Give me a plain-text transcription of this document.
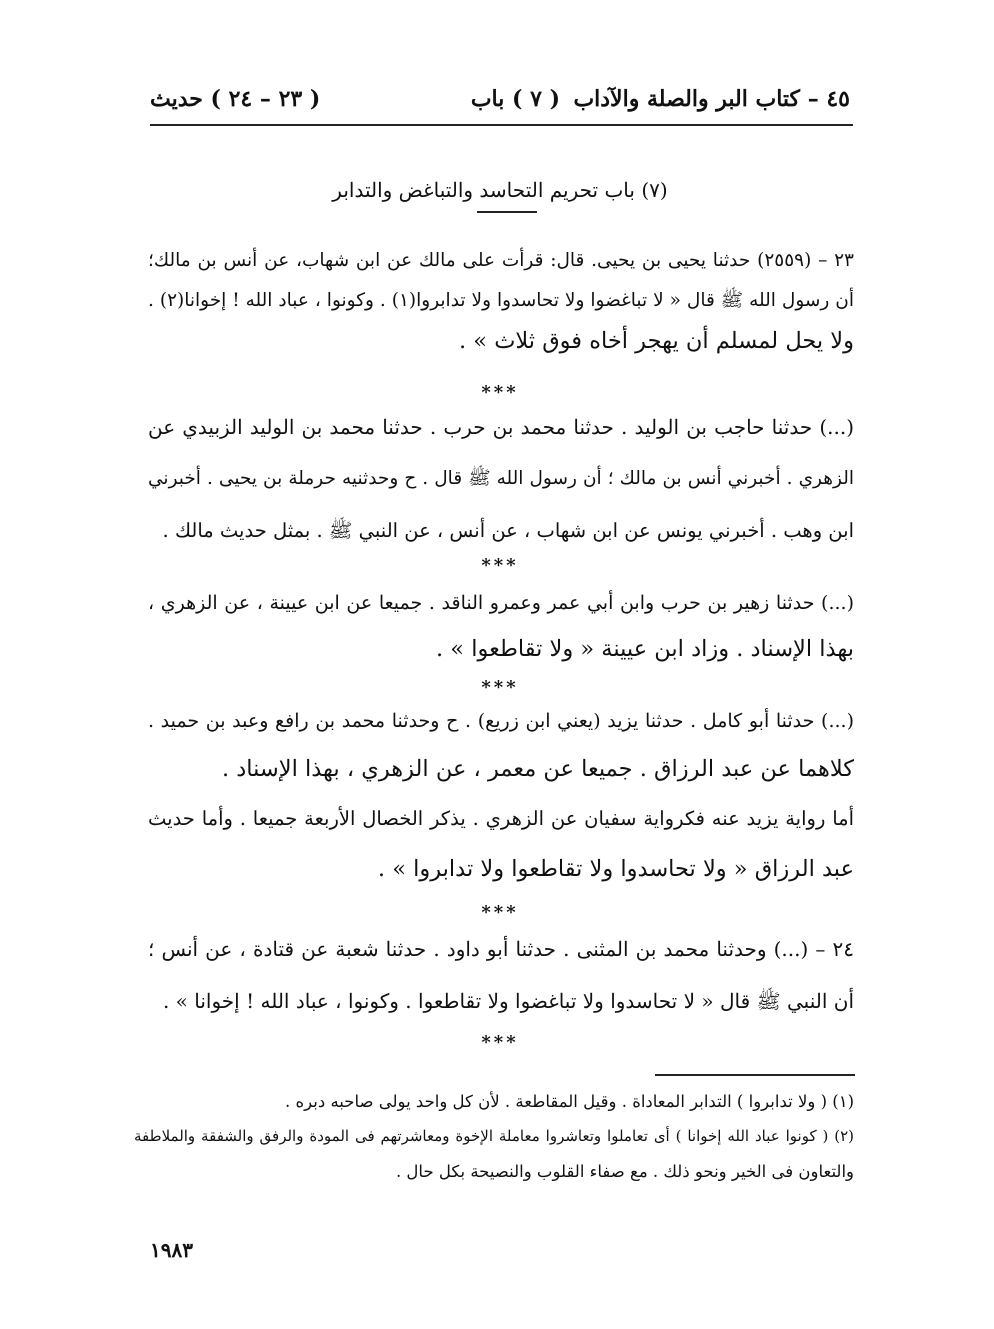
٤٥ – كتاب البر والصلة والآداب
( ٧ ) باب
( ٢٣ – ٢٤ ) حديث
(٧) باب تحريم التحاسد والتباغض والتدابر
٢٣ – (٢٥٥٩) حدثنا يحيى بن يحيى. قال: قرأت على مالك عن ابن شهاب، عن أنس بن مالك؛
أن رسول الله ﷺ قال « لا تباغضوا ولا تحاسدوا ولا تدابروا(١) . وكونوا ، عباد الله ! إخوانا(٢) .
ولا يحل لمسلم أن يهجر أخاه فوق ثلاث » .
***
(...) حدثنا حاجب بن الوليد . حدثنا محمد بن حرب . حدثنا محمد بن الوليد الزبيدي عن
الزهري . أخبرني أنس بن مالك ؛ أن رسول الله ﷺ قال . ح وحدثنيه حرملة بن يحيى . أخبرني
ابن وهب . أخبرني يونس عن ابن شهاب ، عن أنس ، عن النبي ﷺ . بمثل حديث مالك .
***
(...) حدثنا زهير بن حرب وابن أبي عمر وعمرو الناقد . جميعا عن ابن عيينة ، عن الزهري ،
بهذا الإسناد . وزاد ابن عيينة « ولا تقاطعوا » .
***
(...) حدثنا أبو كامل . حدثنا يزيد (يعني ابن زريع) . ح وحدثنا محمد بن رافع وعبد بن حميد .
كلاهما عن عبد الرزاق . جميعا عن معمر ، عن الزهري ، بهذا الإسناد .
أما رواية يزيد عنه فكرواية سفيان عن الزهري . يذكر الخصال الأربعة جميعا . وأما حديث
عبد الرزاق « ولا تحاسدوا ولا تقاطعوا ولا تدابروا » .
***
٢٤ – (...) وحدثنا محمد بن المثنى . حدثنا أبو داود . حدثنا شعبة عن قتادة ، عن أنس ؛
أن النبي ﷺ قال « لا تحاسدوا ولا تباغضوا ولا تقاطعوا . وكونوا ، عباد الله ! إخوانا » .
***
(١) ( ولا تدابروا ) التدابر المعاداة . وقيل المقاطعة . لأن كل واحد يولى صاحبه دبره .
(٢) ( كونوا عباد الله إخوانا ) أى تعاملوا وتعاشروا معاملة الإخوة ومعاشرتهم فى المودة والرفق والشفقة والملاطفة
والتعاون فى الخير ونحو ذلك . مع صفاء القلوب والنصيحة بكل حال .
١٩٨٣
